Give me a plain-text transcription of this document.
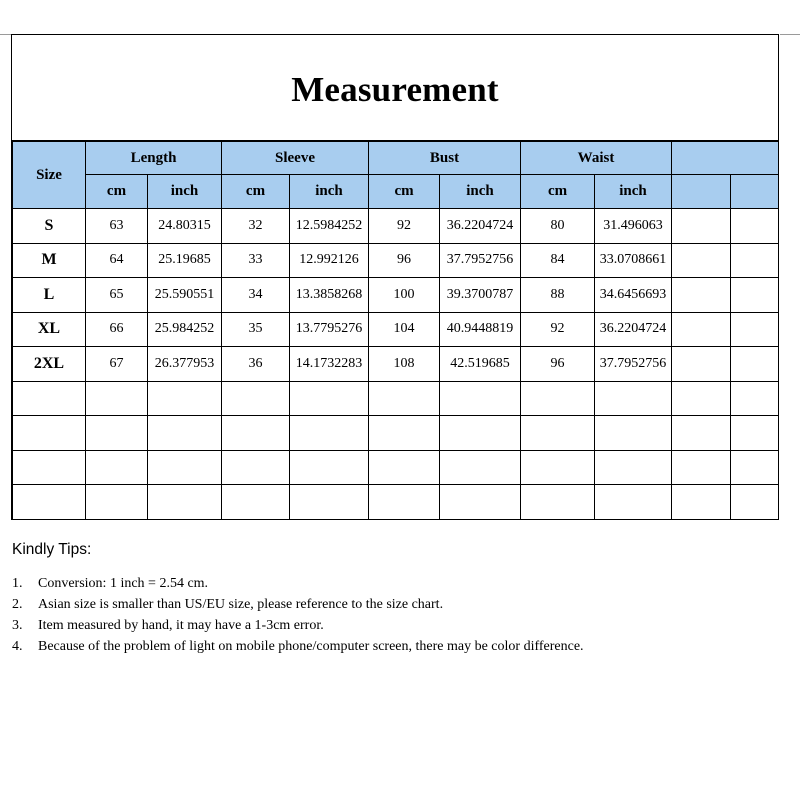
Measurement
Size	Length		Sleeve		Bust		Waist			
	cm	inch	cm	inch	cm	inch	cm	inch		
S	63	24.80315	32	12.5984252	92	36.2204724	80	31.496063		
M	64	25.19685	33	12.992126	96	37.7952756	84	33.0708661		
L	65	25.590551	34	13.3858268	100	39.3700787	88	34.6456693		
XL	66	25.984252	35	13.7795276	104	40.9448819	92	36.2204724		
2XL	67	26.377953	36	14.1732283	108	42.519685	96	37.7952756		

Kindly Tips:
1.	Conversion: 1 inch = 2.54 cm.
2.	Asian size is smaller than US/EU size, please reference to the size chart.
3.	Item measured by hand, it may have a 1-3cm error.
4.	Because of the problem of light on mobile phone/computer screen, there may be color difference.
